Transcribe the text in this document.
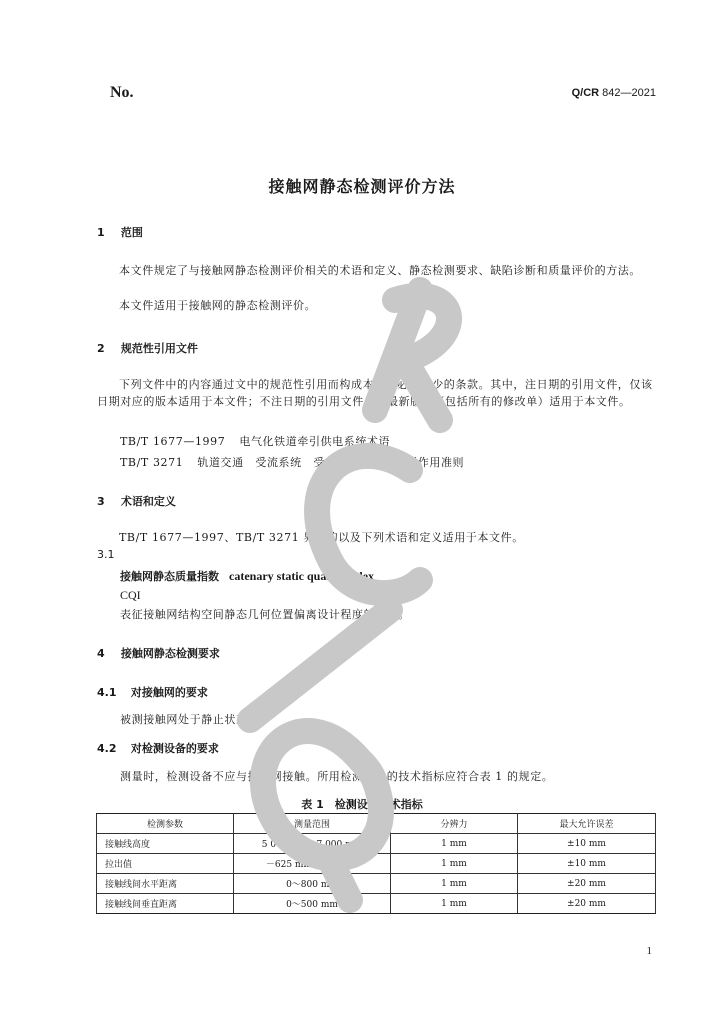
No.	Q/CR 842—2021
接触网静态检测评价方法
1 范围
本文件规定了与接触网静态检测评价相关的术语和定义、静态检测要求、缺陷诊断和质量评价的方法。
本文件适用于接触网的静态检测评价。
2 规范性引用文件
下列文件中的内容通过文中的规范性引用而构成本文件必不可少的条款。其中，注日期的引用文件，仅该日期对应的版本适用于本文件；不注日期的引用文件，其最新版本（包括所有的修改单）适用于本文件。
TB/T 1677—1997 电气化铁道牵引供电系统术语
TB/T 3271 轨道交通　受流系统　受电弓与接触网相互作用准则
3 术语和定义
TB/T 1677—1997、TB/T 3271 界定的以及下列术语和定义适用于本文件。
3.1
接触网静态质量指数 catenary static quality index
CQI
表征接触网结构空间静态几何位置偏离设计程度的指数。
4 接触网静态检测要求
4.1 对接触网的要求
被测接触网处于静止状态。
4.2 对检测设备的要求
测量时，检测设备不应与接触网接触。所用检测设备的技术指标应符合表 1 的规定。
表 1　检测设备技术指标
检测参数	测量范围	分辨力	最大允许误差
接触线高度	5 000 mm～7 000 mm	1 mm	±10 mm
拉出值	－625 mm～625 mm	1 mm	±10 mm
接触线间水平距离	0～800 mm	1 mm	±20 mm
接触线间垂直距离	0～500 mm	1 mm	±20 mm
1
